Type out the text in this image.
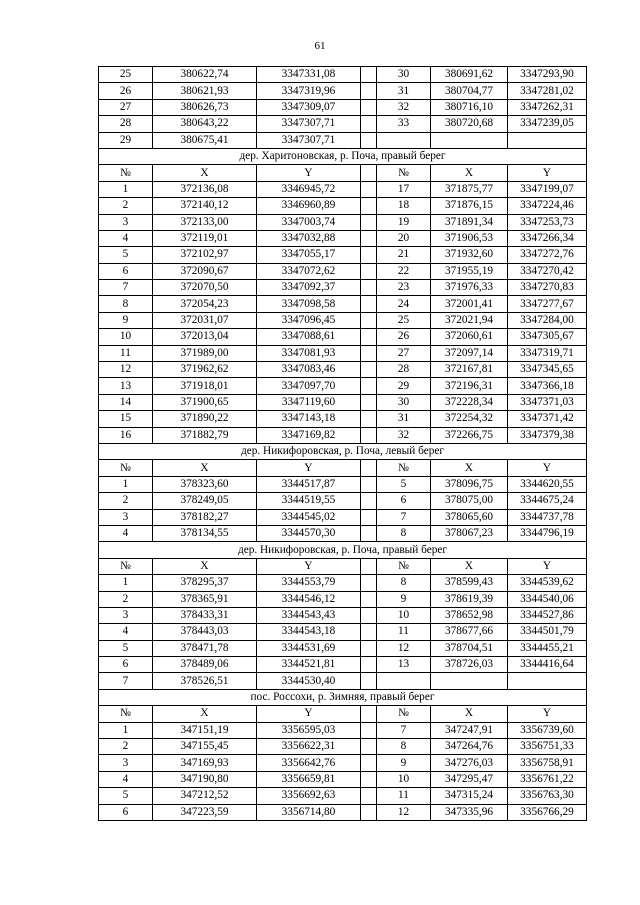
61
25	380622,74	3347331,08		30	380691,62	3347293,90
26	380621,93	3347319,96		31	380704,77	3347281,02
27	380626,73	3347309,07		32	380716,10	3347262,31
28	380643,22	3347307,71		33	380720,68	3347239,05
29	380675,41	3347307,71				
дер. Харитоновская, р. Поча, правый берег						
№	X	Y		№	X	Y
1	372136,08	3346945,72		17	371875,77	3347199,07
2	372140,12	3346960,89		18	371876,15	3347224,46
3	372133,00	3347003,74		19	371891,34	3347253,73
4	372119,01	3347032,88		20	371906,53	3347266,34
5	372102,97	3347055,17		21	371932,60	3347272,76
6	372090,67	3347072,62		22	371955,19	3347270,42
7	372070,50	3347092,37		23	371976,33	3347270,83
8	372054,23	3347098,58		24	372001,41	3347277,67
9	372031,07	3347096,45		25	372021,94	3347284,00
10	372013,04	3347088,61		26	372060,61	3347305,67
11	371989,00	3347081,93		27	372097,14	3347319,71
12	371962,62	3347083,46		28	372167,81	3347345,65
13	371918,01	3347097,70		29	372196,31	3347366,18
14	371900,65	3347119,60		30	372228,34	3347371,03
15	371890,22	3347143,18		31	372254,32	3347371,42
16	371882,79	3347169,82		32	372266,75	3347379,38
дер. Никифоровская, р. Поча, левый берег						
№	X	Y		№	X	Y
1	378323,60	3344517,87		5	378096,75	3344620,55
2	378249,05	3344519,55		6	378075,00	3344675,24
3	378182,27	3344545,02		7	378065,60	3344737,78
4	378134,55	3344570,30		8	378067,23	3344796,19
дер. Никифоровская, р. Поча, правый берег						
№	X	Y		№	X	Y
1	378295,37	3344553,79		8	378599,43	3344539,62
2	378365,91	3344546,12		9	378619,39	3344540,06
3	378433,31	3344543,43		10	378652,98	3344527,86
4	378443,03	3344543,18		11	378677,66	3344501,79
5	378471,78	3344531,69		12	378704,51	3344455,21
6	378489,06	3344521,81		13	378726,03	3344416,64
7	378526,51	3344530,40				
пос. Россохи, р. Зимняя, правый берег						
№	X	Y		№	X	Y
1	347151,19	3356595,03		7	347247,91	3356739,60
2	347155,45	3356622,31		8	347264,76	3356751,33
3	347169,93	3356642,76		9	347276,03	3356758,91
4	347190,80	3356659,81		10	347295,47	3356761,22
5	347212,52	3356692,63		11	347315,24	3356763,30
6	347223,59	3356714,80		12	347335,96	3356766,29
